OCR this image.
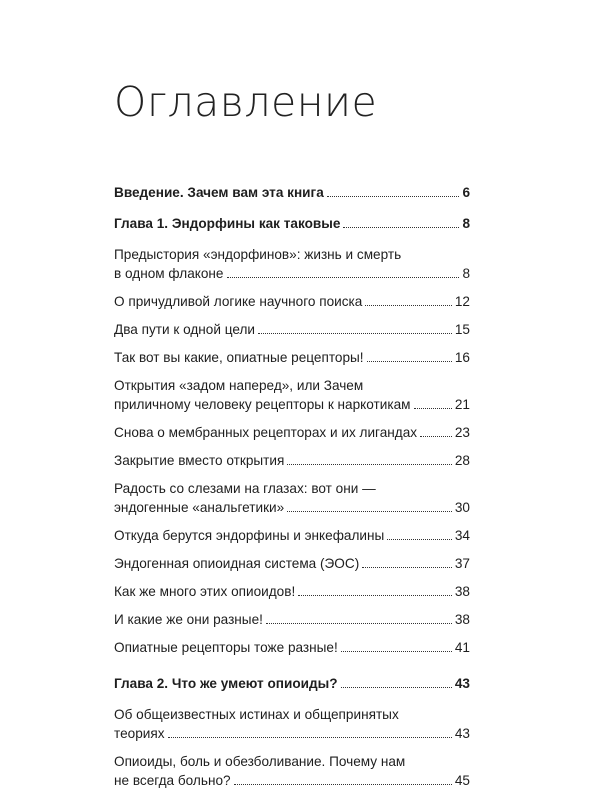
Оглавление
Введение. Зачем вам эта книга	6
Глава 1. Эндорфины как таковые	8
Предыстория «эндорфинов»: жизнь и смерть
в одном флаконе	8
О причудливой логике научного поиска	12
Два пути к одной цели	15
Так вот вы какие, опиатные рецепторы!	16
Открытия «задом наперед», или Зачем
приличному человеку рецепторы к наркотикам	21
Снова о мембранных рецепторах и их лигандах	23
Закрытие вместо открытия	28
Радость со слезами на глазах: вот они —
эндогенные «анальгетики»	30
Откуда берутся эндорфины и энкефалины	34
Эндогенная опиоидная система (ЭОС)	37
Как же много этих опиоидов!	38
И какие же они разные!	38
Опиатные рецепторы тоже разные!	41
Глава 2. Что же умеют опиоиды?	43
Об общеизвестных истинах и общепринятых
теориях	43
Опиоиды, боль и обезболивание. Почему нам
не всегда больно?	45
